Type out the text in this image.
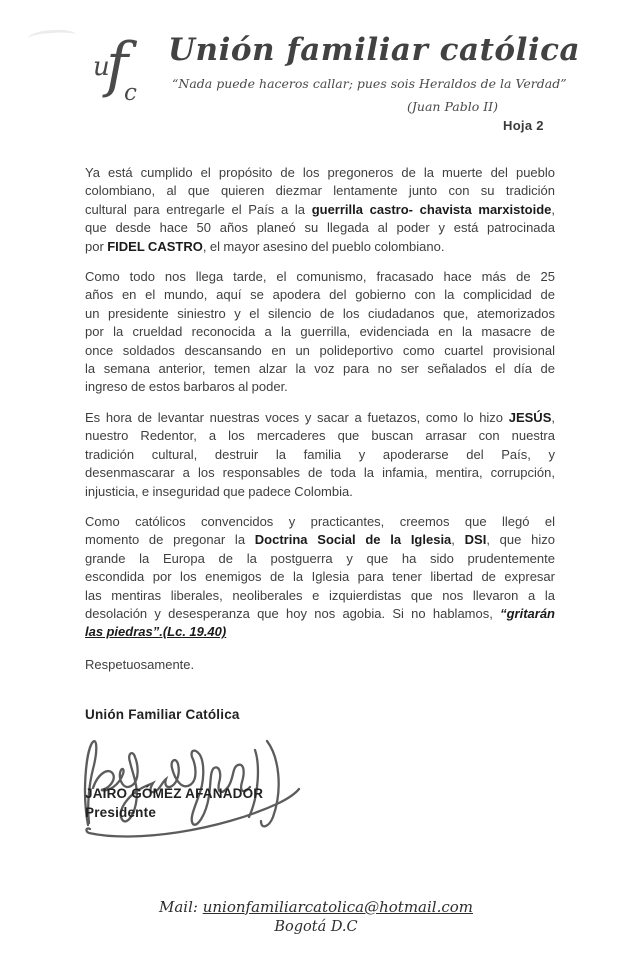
u
f
c
Unión familiar católica
“Nada puede haceros callar; pues sois Heraldos de la Verdad”
(Juan Pablo II)
Hoja 2
Ya está cumplido el propósito de los pregoneros de la muerte del pueblo
colombiano, al que quieren diezmar lentamente junto con su tradición
cultural para entregarle el País a la guerrilla castro- chavista marxistoide,
que desde hace 50 años planeó su llegada al poder y está patrocinada
por FIDEL CASTRO, el mayor asesino del pueblo colombiano.
Como todo nos llega tarde, el comunismo, fracasado hace más de 25
años en el mundo, aquí se apodera del gobierno con la complicidad de
un presidente siniestro y el silencio de los ciudadanos que, atemorizados
por la crueldad reconocida a la guerrilla, evidenciada en la masacre de
once soldados descansando en un polideportivo como cuartel provisional
la semana anterior, temen alzar la voz para no ser señalados el día de
ingreso de estos barbaros al poder.
Es hora de levantar nuestras voces y sacar a fuetazos, como lo hizo JESÚS,
nuestro Redentor, a los mercaderes que buscan arrasar con nuestra
tradición cultural, destruir la familia y apoderarse del País, y
desenmascarar a los responsables de toda la infamia, mentira, corrupción,
injusticia, e inseguridad que padece Colombia.
Como católicos convencidos y practicantes, creemos que llegó el
momento de pregonar la Doctrina Social de la Iglesia, DSI, que hizo
grande la Europa de la postguerra y que ha sido prudentemente
escondida por los enemigos de la Iglesia para tener libertad de expresar
las mentiras liberales, neoliberales e izquierdistas que nos llevaron a la
desolación y desesperanza que hoy nos agobia. Si no hablamos, “gritarán
las piedras”.(Lc. 19.40)
Respetuosamente.
Unión Familiar Católica
JAIRO GÓMEZ AFANADOR
Presidente
Mail: unionfamiliarcatolica@hotmail.com
Bogotá D.C
